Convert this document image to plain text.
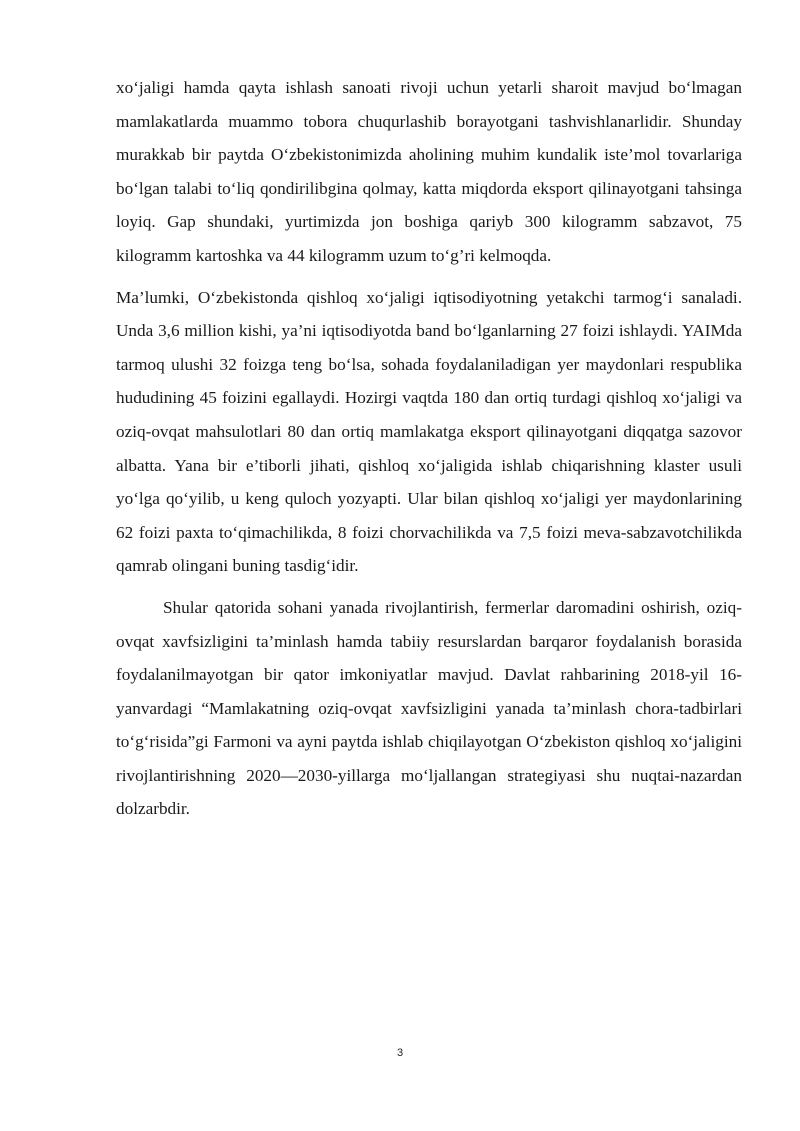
xo‘jaligi hamda qayta ishlash sanoati rivoji uchun yetarli sharoit mavjud bo‘lmagan mamlakatlarda muammo tobora chuqurlashib borayotgani tashvishlanarlidir. Shunday murakkab bir paytda O‘zbekistonimizda aholining muhim kundalik iste’mol tovarlariga bo‘lgan talabi to‘liq qondirilibgina qolmay, katta miqdorda eksport qilinayotgani tahsinga loyiq. Gap shundaki, yurtimizda jon boshiga qariyb 300 kilogramm sabzavot, 75 kilogramm kartoshka va 44 kilogramm uzum to‘g’ri kelmoqda.

Ma’lumki, O‘zbekistonda qishloq xo‘jaligi iqtisodiyotning yetakchi tarmog‘i sanaladi. Unda 3,6 million kishi, ya’ni iqtisodiyotda band bo‘lganlarning 27 foizi ishlaydi. YAIMda tarmoq ulushi 32 foizga teng bo‘lsa, sohada foydalaniladigan yer maydonlari respublika hududining 45 foizini egallaydi. Hozirgi vaqtda 180 dan ortiq turdagi qishloq xo‘jaligi va oziq-ovqat mahsulotlari 80 dan ortiq mamlakatga eksport qilinayotgani diqqatga sazovor albatta. Yana bir e’tiborli jihati, qishloq xo‘jaligida ishlab chiqarishning klaster usuli yo‘lga qo‘yilib, u keng quloch yozyapti. Ular bilan qishloq xo‘jaligi yer maydonlarining 62 foizi paxta to‘qimachilikda, 8 foizi chorvachilikda va 7,5 foizi meva-sabzavotchilikda qamrab olingani buning tasdig‘idir.

Shular qatorida sohani yanada rivojlantirish, fermerlar daromadini oshirish, oziq-ovqat xavfsizligini ta’minlash hamda tabiiy resurslardan barqaror foydalanish borasida foydalanilmayotgan bir qator imkoniyatlar mavjud. Davlat rahbarining 2018-yil 16-yanvardagi “Mamlakatning oziq-ovqat xavfsizligini yanada ta’minlash chora-tadbirlari to‘g‘risida”gi Farmoni va ayni paytda ishlab chiqilayotgan O‘zbekiston qishloq xo‘jaligini rivojlantirishning 2020—2030-yillarga mo‘ljallangan strategiyasi shu nuqtai-nazardan dolzarbdir.

3
